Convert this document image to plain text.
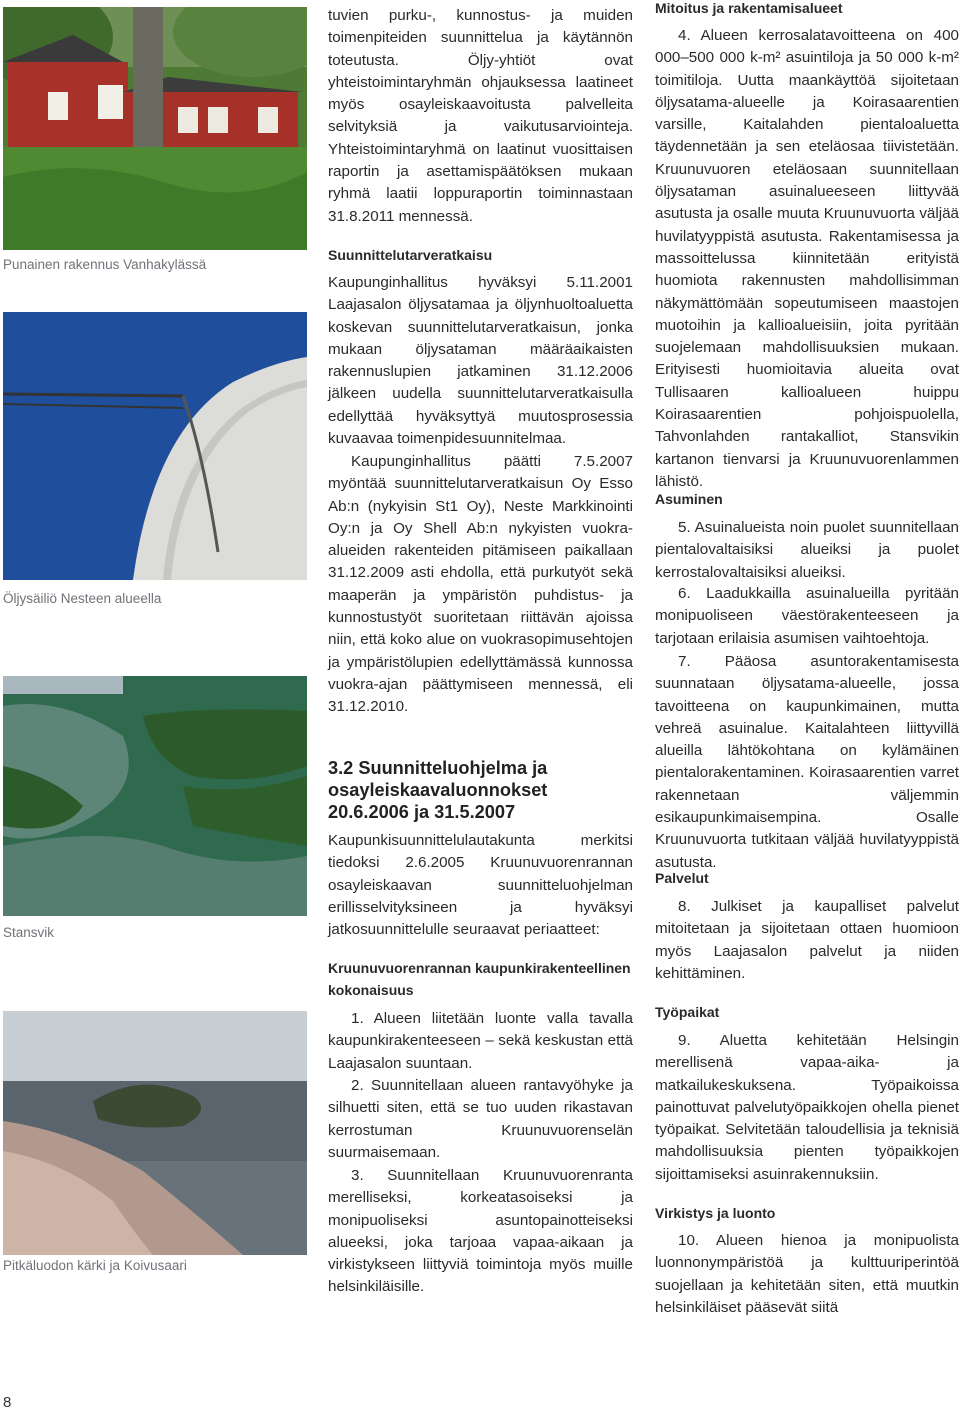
Punainen rakennus Vanhakylässä
Öljysäiliö Nesteen alueella
Stansvik
Pitkäluodon kärki ja Koivusaari

tuvien purku-, kunnostus- ja muiden toimenpiteiden suunnittelua ja käytännön toteutusta. Öljy-yhtiöt ovat yhteistoimintaryhmän ohjauksessa laatineet myös osayleiskaavoitusta palvelleita selvityksiä ja vaikutusarviointeja. Yhteistoimintaryhmä on laatinut vuosittaisen raportin ja asettamispäätöksen mukaan ryhmä laatii loppuraportin toiminnastaan 31.8.2011 mennessä.

Suunnittelutarveratkaisu

Kaupunginhallitus hyväksyi 5.11.2001 Laajasalon öljysatamaa ja öljynhuoltoaluetta koskevan suunnittelutarveratkaisun, jonka mukaan öljysataman määräaikaisten rakennuslupien jatkaminen 31.12.2006 jälkeen uudella suunnittelutarveratkaisulla edellyttää hyväksyttyä muutosprosessia kuvaavaa toimenpidesuunnitelmaa.

Kaupunginhallitus päätti 7.5.2007 myöntää suunnittelutarveratkaisun Oy Esso Ab:n (nykyisin St1 Oy), Neste Markkinointi Oy:n ja Oy Shell Ab:n nykyisten vuokra-alueiden rakenteiden pitämiseen paikallaan 31.12.2009 asti ehdolla, että purkutyöt sekä maaperän ja ympäristön puhdistus- ja kunnostustyöt suoritetaan riittävän ajoissa niin, että koko alue on vuokrasopimusehtojen ja ympäristölupien edellyttämässä kunnossa vuokra-ajan päättymiseen mennessä, eli 31.12.2010.

3.2 Suunnitteluohjelma ja osayleiskaavaluonnokset 20.6.2006 ja 31.5.2007

Kaupunkisuunnittelulautakunta merkitsi tiedoksi 2.6.2005 Kruunuvuorenrannan osayleiskaavan suunnitteluohjelman erillisselvityksineen ja hyväksyi jatkosuunnittelulle seuraavat periaatteet:

Kruunuvuorenrannan kaupunkirakenteellinen kokonaisuus

1. Alueen liitetään luonte valla tavalla kaupunkirakenteeseen – sekä keskustan että Laajasalon suuntaan.

2. Suunnitellaan alueen rantavyöhyke ja silhuetti siten, että se tuo uuden rikastavan kerrostuman Kruunuvuorenselän suurmaisemaan.

3. Suunnitellaan Kruunuvuorenranta merelliseksi, korkeatasoiseksi ja monipuoliseksi asuntopainotteiseksi alueeksi, joka tarjoaa vapaa-aikaan ja virkistykseen liittyviä toimintoja myös muille helsinkiläisille.

Mitoitus ja rakentamisalueet

4. Alueen kerrosalatavoitteena on 400 000–500 000 k-m² asuintiloja ja 50 000 k-m² toimitiloja. Uutta maankäyttöä sijoitetaan öljysatama-alueelle ja Koirasaarentien varsille, Kaitalahden pientaloaluetta täydennetään ja sen eteläosaa tiivistetään. Kruunuvuoren eteläosaan suunnitellaan öljysataman asuinalueeseen liittyvää asutusta ja osalle muuta Kruunuvuorta väljää huvilatyyppistä asutusta. Rakentamisessa ja massoittelussa kiinnitetään erityistä huomiota rakennusten mahdollisimman näkymättömään sopeutumiseen maastojen muotoihin ja kallioalueisiin, joita pyritään suojelemaan mahdollisuuksien mukaan. Erityisesti huomioitavia alueita ovat Tullisaaren kallioalueen huippu Koirasaarentien pohjoispuolella, Tahvonlahden rantakalliot, Stansvikin kartanon tienvarsi ja Kruunuvuorenlammen lähistö.

Asuminen

5. Asuinalueista noin puolet suunnitellaan pientalovaltaisiksi alueiksi ja puolet kerrostalovaltaisiksi alueiksi.

6. Laadukkailla asuinalueilla pyritään monipuoliseen väestörakenteeseen ja tarjotaan erilaisia asumisen vaihtoehtoja.

7. Pääosa asuntorakentamisesta suunnataan öljysatama-alueelle, jossa tavoitteena on kaupunkimainen, mutta vehreä asuinalue. Kaitalahteen liittyvillä alueilla lähtökohtana on kylämäinen pientalorakentaminen. Koirasaarentien varret rakennetaan väljemmin esikaupunkimaisempina. Osalle Kruunuvuorta tutkitaan väljää huvilatyyppistä asutusta.

Palvelut

8. Julkiset ja kaupalliset palvelut mitoitetaan ja sijoitetaan ottaen huomioon myös Laajasalon palvelut ja niiden kehittäminen.

Työpaikat

9. Aluetta kehitetään Helsingin merellisenä vapaa-aika- ja matkailukeskuksena. Työpaikoissa painottuvat palvelutyöpaikkojen ohella pienet työpaikat. Selvitetään taloudellisia ja teknisiä mahdollisuuksia pienten työpaikkojen sijoittamiseksi asuinrakennuksiin.

Virkistys ja luonto

10. Alueen hienoa ja monipuolista luonnonympäristöä ja kulttuuriperintöä suojellaan ja kehitetään siten, että muutkin helsinkiläiset pääsevät siitä

8
